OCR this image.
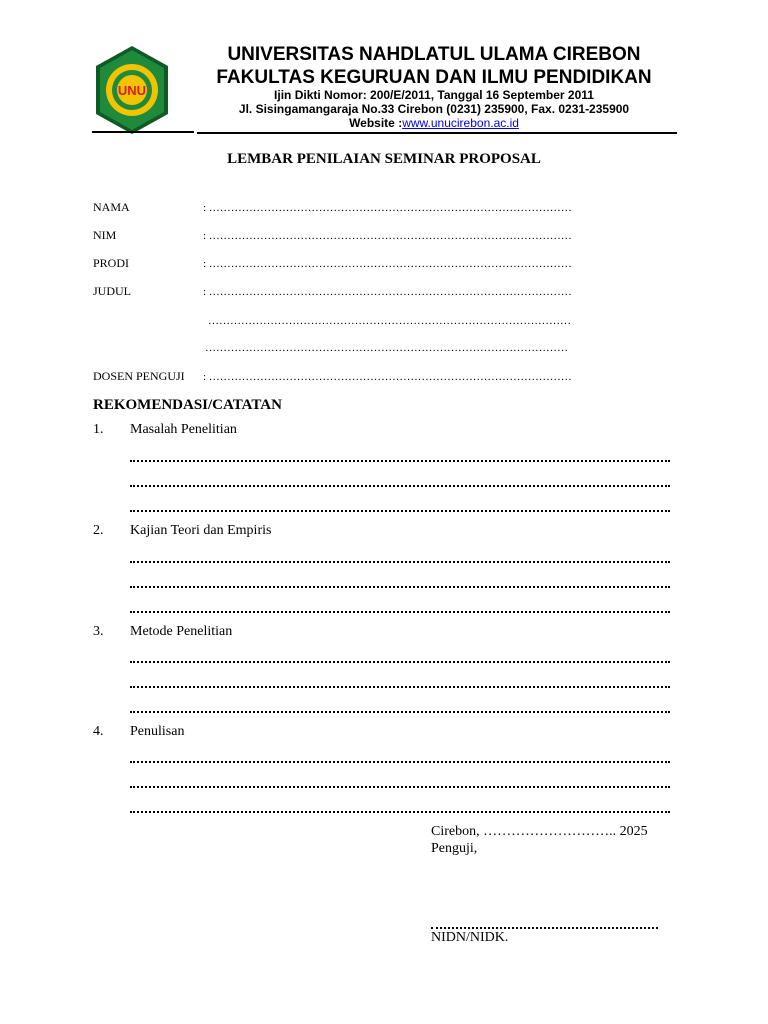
UNU
UNIVERSITAS NAHDLATUL ULAMA CIREBON
FAKULTAS KEGURUAN DAN ILMU PENDIDIKAN
Ijin Dikti Nomor: 200/E/2011, Tanggal 16 September 2011
Jl. Sisingamangaraja No.33 Cirebon (0231) 235900, Fax. 0231-235900
Website :www.unucirebon.ac.id
LEMBAR PENILAIAN SEMINAR PROPOSAL
NAMA	: ………………………………………………………………………………………
NIM	: ………………………………………………………………………………………
PRODI	: ………………………………………………………………………………………
JUDUL	: ………………………………………………………………………………………
………………………………………………………………………………………
………………………………………………………………………………………
DOSEN PENGUJI : ………………………………………………………………………………………
REKOMENDASI/CATATAN
1. Masalah Penelitian
2. Kajian Teori dan Empiris
3. Metode Penelitian
4. Penulisan
Cirebon, ……………………….. 2025
Penguji,
NIDN/NIDK.
